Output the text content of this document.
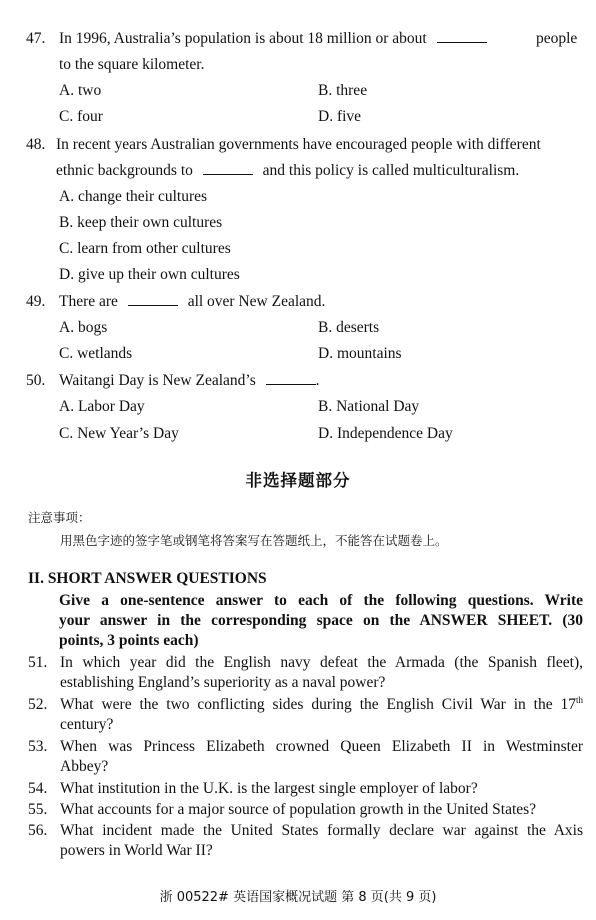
47. In 1996, Australia’s population is about 18 million or about	people
to the square kilometer.
A. two	B. three
C. four	D. five
48. In recent years Australian governments have encouraged people with different
ethnic backgrounds to	and this policy is called multiculturalism.
A. change their cultures
B. keep their own cultures
C. learn from other cultures
D. give up their own cultures
49. There are	all over New Zealand.
A. bogs	B. deserts
C. wetlands	D. mountains
50. Waitangi Day is New Zealand’s	.
A. Labor Day	B. National Day
C. New Year’s Day	D. Independence Day
非选择题部分
注意事项：
用黑色字迹的签字笔或钢笔将答案写在答题纸上，不能答在试题卷上。
II. SHORT ANSWER QUESTIONS
Give a one-sentence answer to each of the following questions. Write
your answer in the corresponding space on the ANSWER SHEET. (30
points, 3 points each)
51. In which year did the English navy defeat the Armada (the Spanish fleet),
establishing England’s superiority as a naval power?
52. What were the two conflicting sides during the English Civil War in the 17th
century?
53. When was Princess Elizabeth crowned Queen Elizabeth II in Westminster
Abbey?
54. What institution in the U.K. is the largest single employer of labor?
55. What accounts for a major source of population growth in the United States?
56. What incident made the United States formally declare war against the Axis
powers in World War II?
浙 00522# 英语国家概况试题 第 8 页(共 9 页)
